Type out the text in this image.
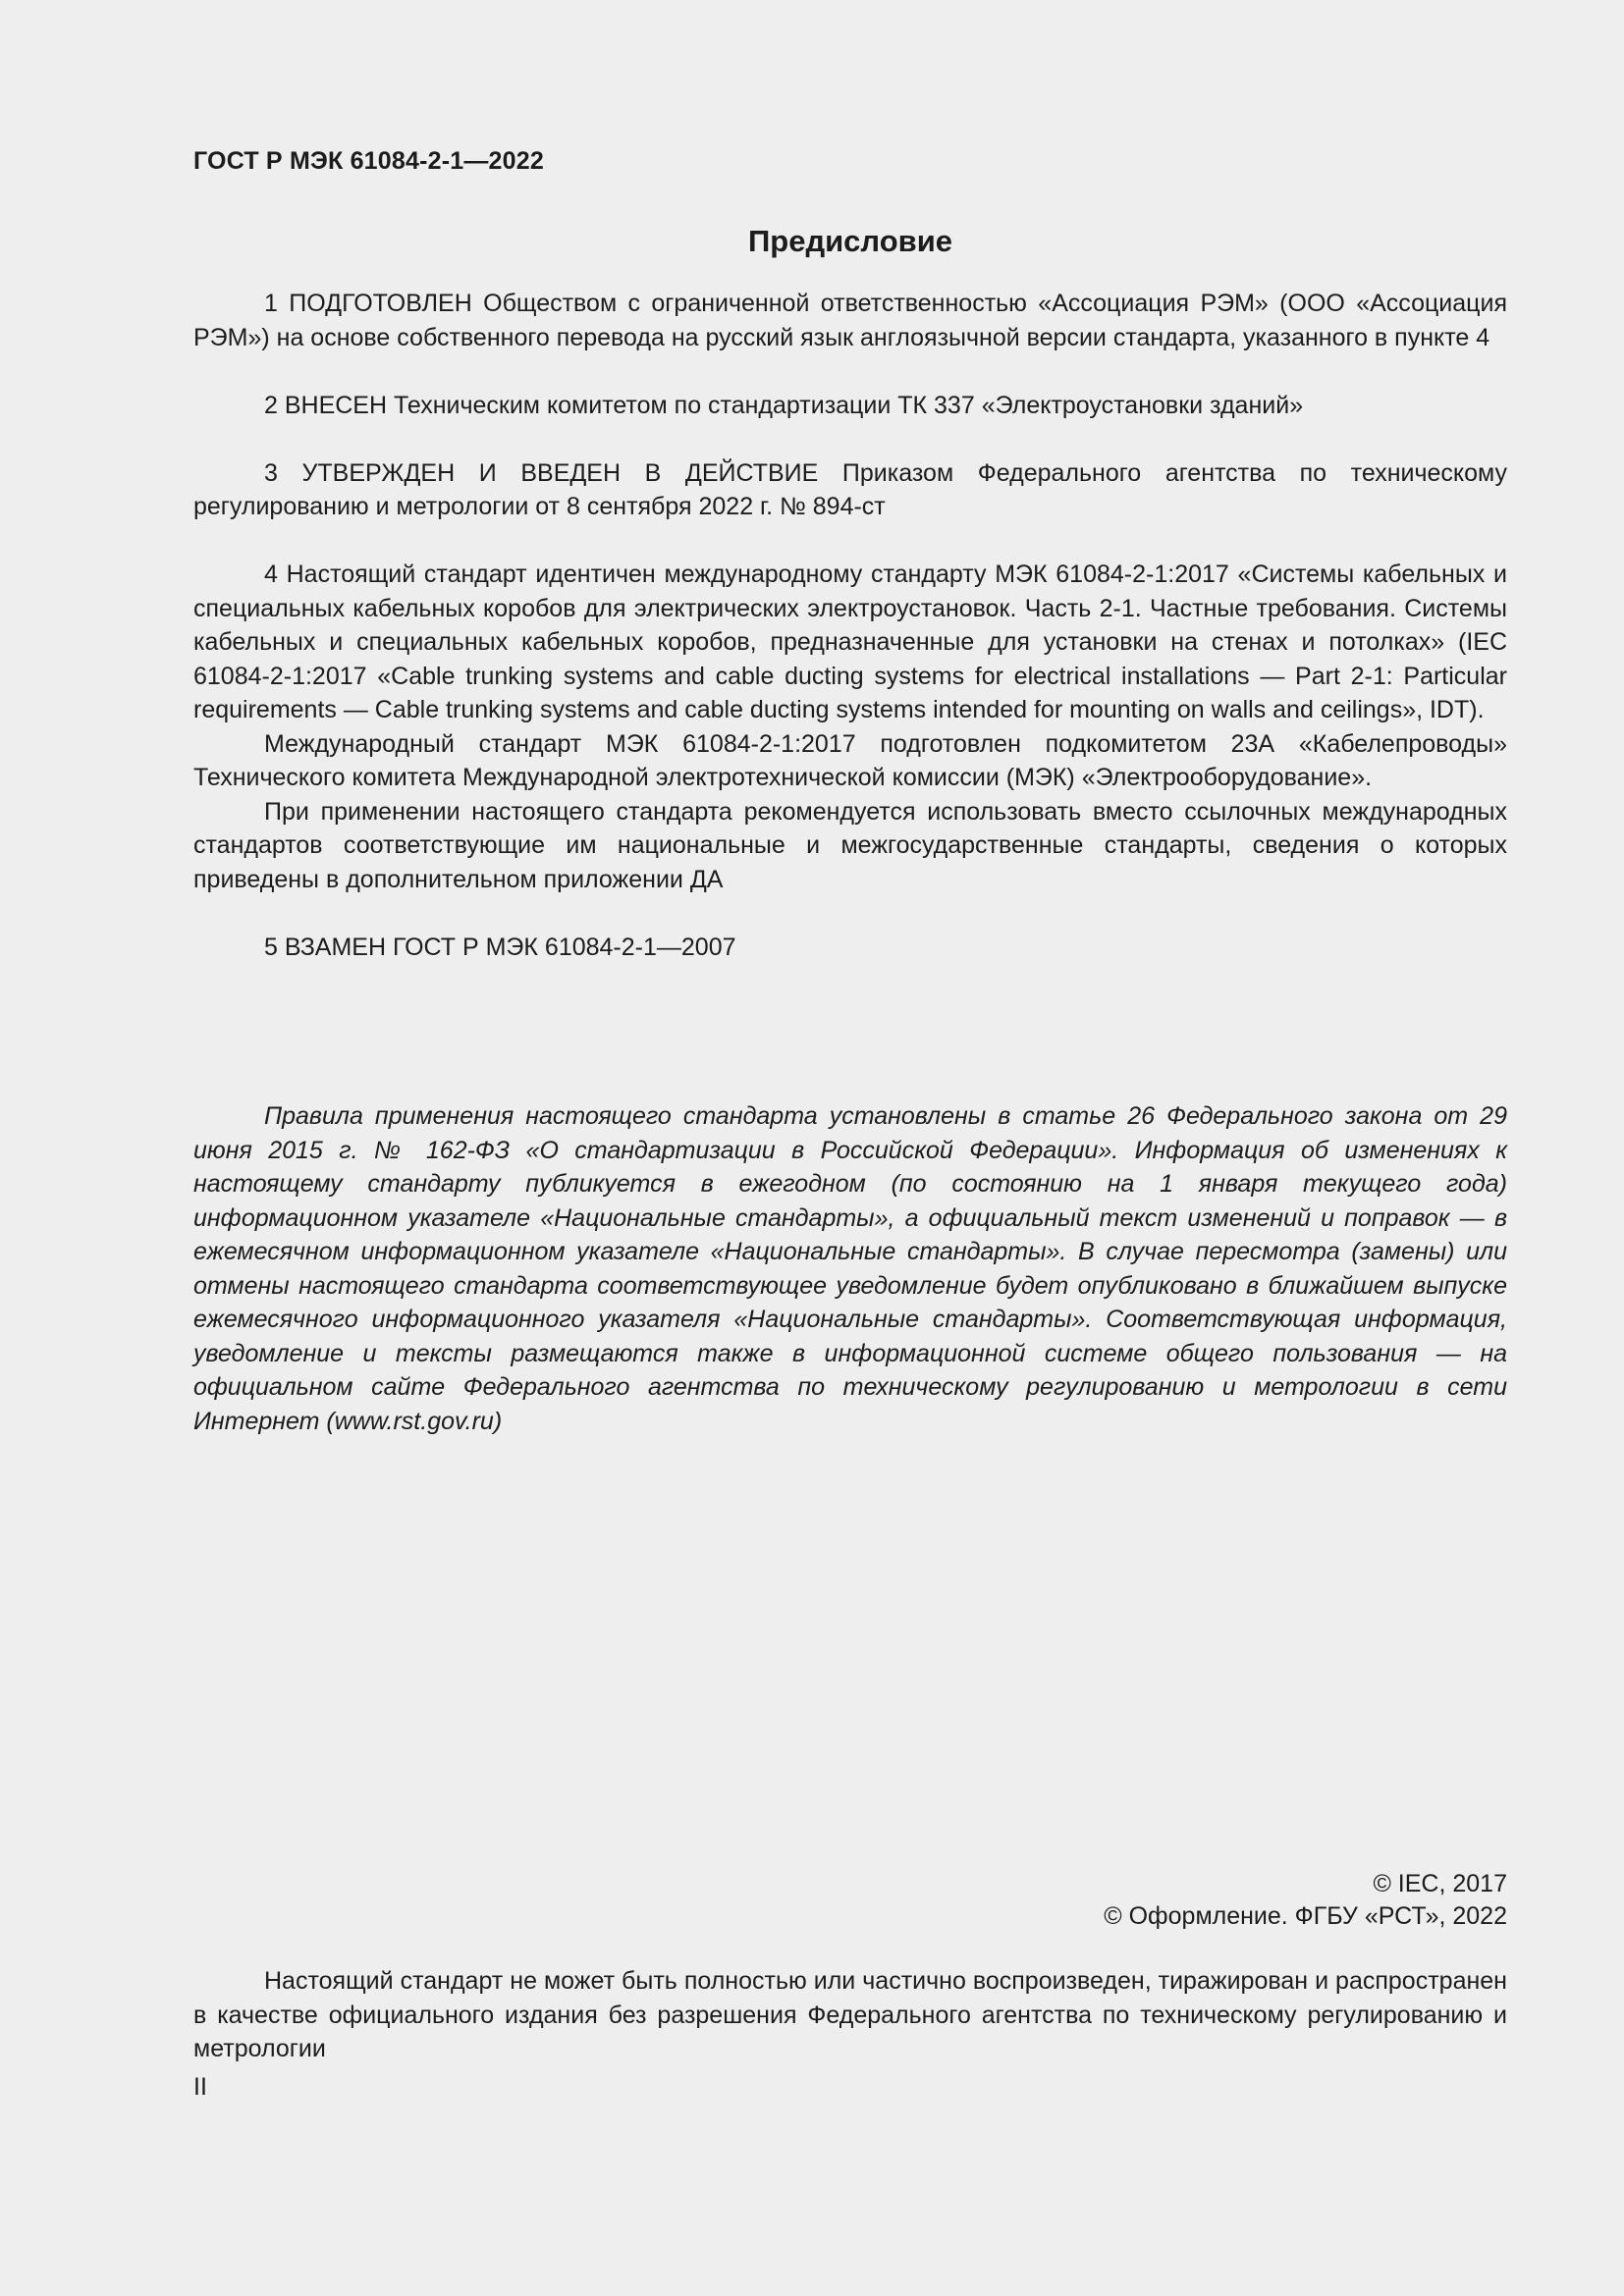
ГОСТ Р МЭК 61084-2-1—2022
Предисловие

1 ПОДГОТОВЛЕН Обществом с ограниченной ответственностью «Ассоциация РЭМ» (ООО «Ассоциация РЭМ») на основе собственного перевода на русский язык англоязычной версии стандарта, указанного в пункте 4

2 ВНЕСЕН Техническим комитетом по стандартизации ТК 337 «Электроустановки зданий»

3 УТВЕРЖДЕН И ВВЕДЕН В ДЕЙСТВИЕ Приказом Федерального агентства по техническому регулированию и метрологии от 8 сентября 2022 г. № 894-ст

4 Настоящий стандарт идентичен международному стандарту МЭК 61084-2-1:2017 «Системы кабельных и специальных кабельных коробов для электрических электроустановок. Часть 2-1. Частные требования. Системы кабельных и специальных кабельных коробов, предназначенные для установки на стенах и потолках» (IEC 61084-2-1:2017 «Cable trunking systems and cable ducting systems for electrical installations — Part 2-1: Particular requirements — Cable trunking systems and cable ducting systems intended for mounting on walls and ceilings», IDT).

Международный стандарт МЭК 61084-2-1:2017 подготовлен подкомитетом 23А «Кабелепроводы» Технического комитета Международной электротехнической комиссии (МЭК) «Электрооборудование».

При применении настоящего стандарта рекомендуется использовать вместо ссылочных международных стандартов соответствующие им национальные и межгосударственные стандарты, сведения о которых приведены в дополнительном приложении ДА

5 ВЗАМЕН ГОСТ Р МЭК 61084-2-1—2007

Правила применения настоящего стандарта установлены в статье 26 Федерального закона от 29 июня 2015 г. № 162-ФЗ «О стандартизации в Российской Федерации». Информация об изменениях к настоящему стандарту публикуется в ежегодном (по состоянию на 1 января текущего года) информационном указателе «Национальные стандарты», а официальный текст изменений и поправок — в ежемесячном информационном указателе «Национальные стандарты». В случае пересмотра (замены) или отмены настоящего стандарта соответствующее уведомление будет опубликовано в ближайшем выпуске ежемесячного информационного указателя «Национальные стандарты». Соответствующая информация, уведомление и тексты размещаются также в информационной системе общего пользования — на официальном сайте Федерального агентства по техническому регулированию и метрологии в сети Интернет (www.rst.gov.ru)

© IEC, 2017
© Оформление. ФГБУ «РСТ», 2022

Настоящий стандарт не может быть полностью или частично воспроизведен, тиражирован и распространен в качестве официального издания без разрешения Федерального агентства по техническому регулированию и метрологии

II
